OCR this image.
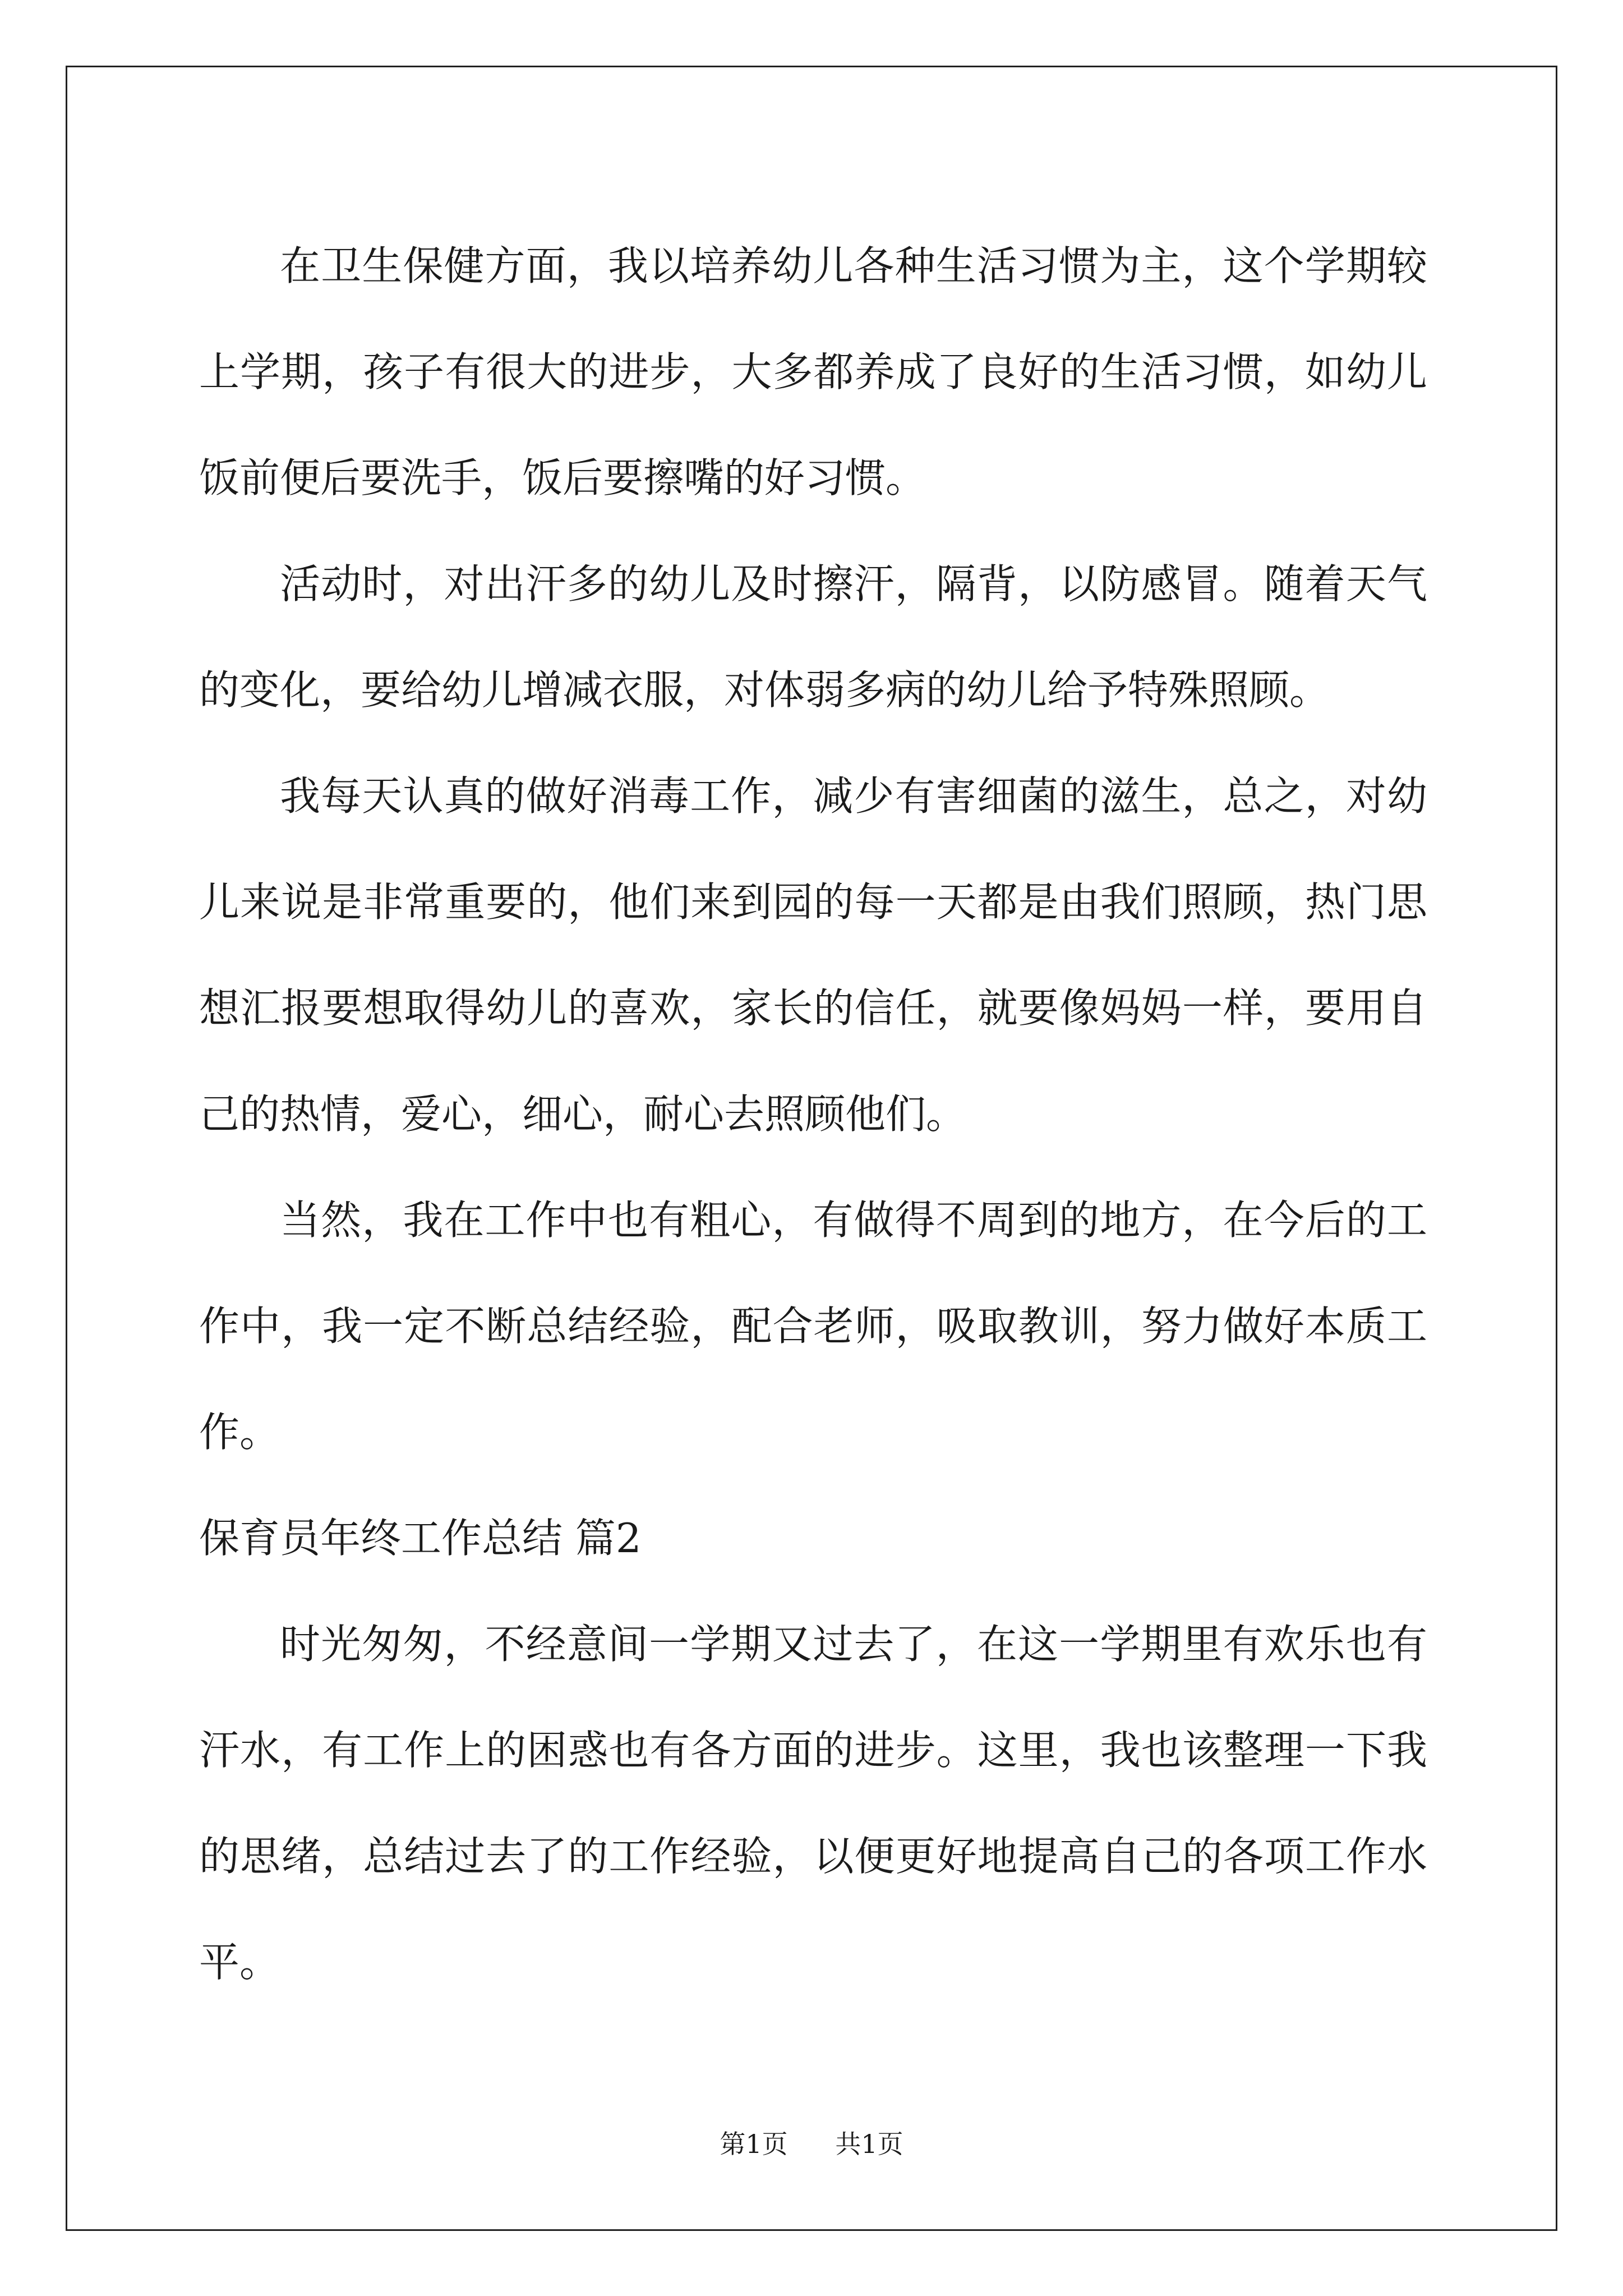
在卫生保健方面，我以培养幼儿各种生活习惯为主，这个学期较上学期，孩子有很大的进步，大多都养成了良好的生活习惯，如幼儿饭前便后要洗手，饭后要擦嘴的好习惯。

活动时，对出汗多的幼儿及时擦汗，隔背，以防感冒。随着天气的变化，要给幼儿增减衣服，对体弱多病的幼儿给予特殊照顾。

我每天认真的做好消毒工作，减少有害细菌的滋生，总之，对幼儿来说是非常重要的，他们来到园的每一天都是由我们照顾，热门思想汇报要想取得幼儿的喜欢，家长的信任，就要像妈妈一样，要用自己的热情，爱心，细心，耐心去照顾他们。

当然，我在工作中也有粗心，有做得不周到的地方，在今后的工作中，我一定不断总结经验，配合老师，吸取教训，努力做好本质工作。

保育员年终工作总结 篇2

时光匆匆，不经意间一学期又过去了，在这一学期里有欢乐也有汗水，有工作上的困惑也有各方面的进步。这里，我也该整理一下我的思绪，总结过去了的工作经验，以便更好地提高自己的各项工作水平。

第1页 共1页
